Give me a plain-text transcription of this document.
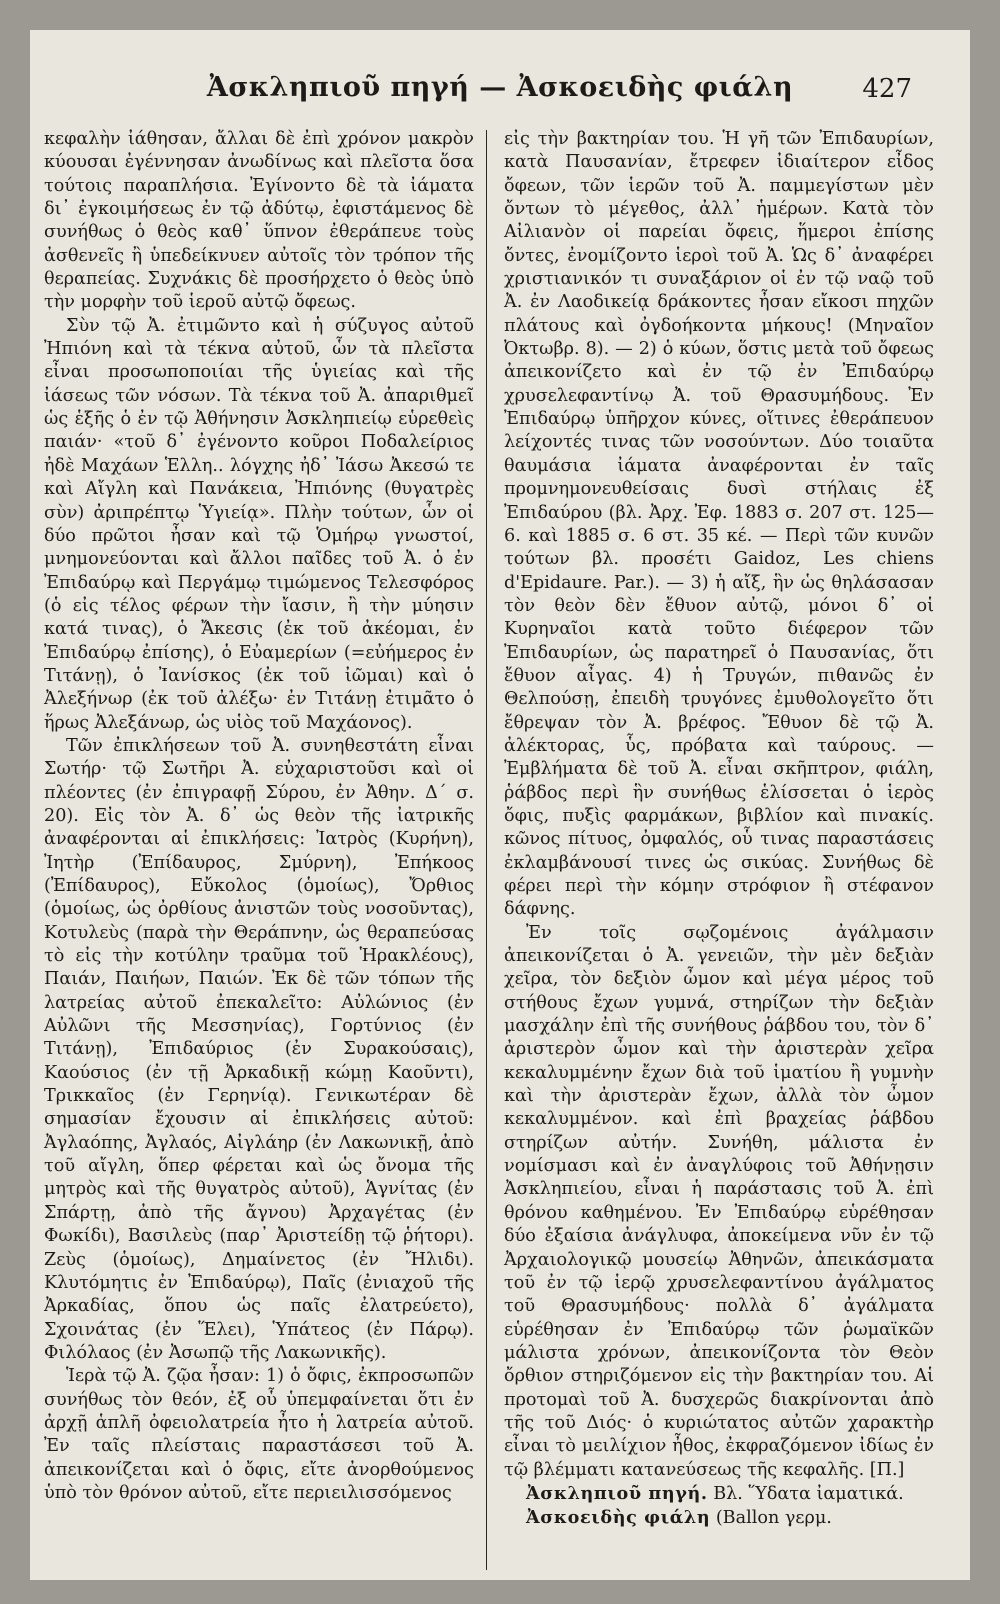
Ἀσκληπιοῦ πηγή — Ἀσκοειδὴς φιάλη	427

κεφαλὴν ἰάθησαν, ἄλλαι δὲ ἐπὶ χρόνον μακρὸν κύουσαι ἐγέννησαν ἀνωδίνως καὶ πλεῖστα ὅσα τούτοις παραπλήσια. Ἐγίνοντο δὲ τὰ ἰάματα δι᾽ ἐγκοιμήσεως ἐν τῷ ἀδύτῳ, ἐφιστάμενος δὲ συνήθως ὁ θεὸς καθ᾽ ὕπνον ἐθεράπευε τοὺς ἀσθενεῖς ἢ ὑπεδείκνυεν αὐτοῖς τὸν τρόπον τῆς θεραπείας. Συχνάκις δὲ προσήρχετο ὁ θεὸς ὑπὸ τὴν μορφὴν τοῦ ἱεροῦ αὐτῷ ὄφεως.

Σὺν τῷ Ἀ. ἐτιμῶντο καὶ ἡ σύζυγος αὐτοῦ Ἠπιόνη καὶ τὰ τέκνα αὐτοῦ, ὧν τὰ πλεῖστα εἶναι προσωποποιίαι τῆς ὑγιείας καὶ τῆς ἰάσεως τῶν νόσων. Τὰ τέκνα τοῦ Ἀ. ἀπαριθμεῖ ὡς ἑξῆς ὁ ἐν τῷ Ἀθήνησιν Ἀσκληπιείῳ εὑρεθεὶς παιάν· «τοῦ δ᾽ ἐγένοντο κοῦροι Ποδαλείριος ἠδὲ Μαχάων Ἑλλη.. λόγχης ἠδ᾽ Ἰάσω Ἀκεσώ τε καὶ Αἴγλη καὶ Πανάκεια, Ἠπιόνης (θυγατρὲς σὺν) ἀριπρέπτῳ Ὑγιείᾳ». Πλὴν τούτων, ὧν οἱ δύο πρῶτοι ἦσαν καὶ τῷ Ὁμήρῳ γνωστοί, μνημονεύονται καὶ ἄλλοι παῖδες τοῦ Ἀ. ὁ ἐν Ἐπιδαύρῳ καὶ Περγάμῳ τιμώμενος Τελεσφόρος (ὁ εἰς τέλος φέρων τὴν ἴασιν, ἢ τὴν μύησιν κατά τινας), ὁ Ἄκεσις (ἐκ τοῦ ἀκέομαι, ἐν Ἐπιδαύρῳ ἐπίσης), ὁ Εὐαμερίων (=εὐήμερος ἐν Τιτάνῃ), ὁ Ἰανίσκος (ἐκ τοῦ ἰῶμαι) καὶ ὁ Ἀλεξήνωρ (ἐκ τοῦ ἀλέξω· ἐν Τιτάνῃ ἐτιμᾶτο ὁ ἥρως Ἀλεξάνωρ, ὡς υἱὸς τοῦ Μαχάονος).

Τῶν ἐπικλήσεων τοῦ Ἀ. συνηθεστάτη εἶναι Σωτήρ· τῷ Σωτῆρι Ἀ. εὐχαριστοῦσι καὶ οἱ πλέοντες (ἐν ἐπιγραφῇ Σύρου, ἐν Ἀθην. Δ΄ σ. 20). Εἰς τὸν Ἀ. δ᾽ ὡς θεὸν τῆς ἰατρικῆς ἀναφέρονται αἱ ἐπικλήσεις: Ἰατρὸς (Κυρήνη), Ἰητὴρ (Ἐπίδαυρος, Σμύρνη), Ἐπήκοος (Ἐπίδαυρος), Εὔκολος (ὁμοίως), Ὄρθιος (ὁμοίως, ὡς ὀρθίους ἀνιστῶν τοὺς νοσοῦντας), Κοτυλεὺς (παρὰ τὴν Θεράπνην, ὡς θεραπεύσας τὸ εἰς τὴν κοτύλην τραῦμα τοῦ Ἡρακλέους), Παιάν, Παιήων, Παιών. Ἐκ δὲ τῶν τόπων τῆς λατρείας αὐτοῦ ἐπεκαλεῖτο: Αὐλώνιος (ἐν Αὐλῶνι τῆς Μεσσηνίας), Γορτύνιος (ἐν Τιτάνῃ), Ἐπιδαύριος (ἐν Συρακούσαις), Καούσιος (ἐν τῇ Ἀρκαδικῇ κώμῃ Καοῦντι), Τρικκαῖος (ἐν Γερηνίᾳ). Γενικωτέραν δὲ σημασίαν ἔχουσιν αἱ ἐπικλήσεις αὐτοῦ: Ἀγλαόπης, Ἀγλαός, Αἰγλάηρ (ἐν Λακωνικῇ, ἀπὸ τοῦ αἴγλη, ὅπερ φέρεται καὶ ὡς ὄνομα τῆς μητρὸς καὶ τῆς θυγατρὸς αὐτοῦ), Ἁγνίτας (ἐν Σπάρτῃ, ἀπὸ τῆς ἄγνου) Ἀρχαγέτας (ἐν Φωκίδι), Βασιλεὺς (παρ᾽ Ἀριστείδῃ τῷ ῥήτορι). Ζεὺς (ὁμοίως), Δημαίνετος (ἐν Ἤλιδι). Κλυτόμητις ἐν Ἐπιδαύρῳ), Παῖς (ἐνιαχοῦ τῆς Ἀρκαδίας, ὅπου ὡς παῖς ἐλατρεύετο), Σχοινάτας (ἐν Ἕλει), Ὑπάτεος (ἐν Πάρῳ). Φιλόλαος (ἐν Ἀσωπῷ τῆς Λακωνικῆς).

Ἱερὰ τῷ Ἀ. ζῷα ἦσαν: 1) ὁ ὄφις, ἐκπροσωπῶν συνήθως τὸν θεόν, ἐξ οὗ ὑπεμφαίνεται ὅτι ἐν ἀρχῇ ἁπλῆ ὀφειολατρεία ἦτο ἡ λατρεία αὐτοῦ. Ἐν ταῖς πλείσταις παραστάσεσι τοῦ Ἀ. ἀπεικονίζεται καὶ ὁ ὄφις, εἴτε ἀνορθούμενος ὑπὸ τὸν θρόνον αὐτοῦ, εἴτε περιειλισσόμενος

εἰς τὴν βακτηρίαν του. Ἡ γῆ τῶν Ἐπιδαυρίων, κατὰ Παυσανίαν, ἔτρεφεν ἰδιαίτερον εἶδος ὄφεων, τῶν ἱερῶν τοῦ Ἀ. παμμεγίστων μὲν ὄντων τὸ μέγεθος, ἀλλ᾽ ἡμέρων. Κατὰ τὸν Αἰλιανὸν οἱ παρείαι ὄφεις, ἥμεροι ἐπίσης ὄντες, ἐνομίζοντο ἱεροὶ τοῦ Ἀ. Ὡς δ᾽ ἀναφέρει χριστιανικόν τι συναξάριον οἱ ἐν τῷ ναῷ τοῦ Ἀ. ἐν Λαοδικείᾳ δράκοντες ἦσαν εἴκοσι πηχῶν πλάτους καὶ ὀγδοήκοντα μήκους! (Μηναῖον Ὀκτωβρ. 8). — 2) ὁ κύων, ὅστις μετὰ τοῦ ὄφεως ἀπεικονίζετο καὶ ἐν τῷ ἐν Ἐπιδαύρῳ χρυσελεφαντίνῳ Ἀ. τοῦ Θρασυμήδους. Ἐν Ἐπιδαύρῳ ὑπῆρχον κύνες, οἵτινες ἐθεράπευον λείχοντές τινας τῶν νοσούντων. Δύο τοιαῦτα θαυμάσια ἰάματα ἀναφέρονται ἐν ταῖς προμνημονευθείσαις δυσὶ στήλαις ἐξ Ἐπιδαύρου (βλ. Ἀρχ. Ἐφ. 1883 σ. 207 στ. 125—6. καὶ 1885 σ. 6 στ. 35 κέ. — Περὶ τῶν κυνῶν τούτων βλ. προσέτι Gaidoz, Les chiens d'Epidaure. Par.). — 3) ἡ αἴξ, ἣν ὡς θηλάσασαν τὸν θεὸν δὲν ἔθυον αὐτῷ, μόνοι δ᾽ οἱ Κυρηναῖοι κατὰ τοῦτο διέφερον τῶν Ἐπιδαυρίων, ὡς παρατηρεῖ ὁ Παυσανίας, ὅτι ἔθυον αἶγας. 4) ἡ Τρυγών, πιθανῶς ἐν Θελπούσῃ, ἐπειδὴ τρυγόνες ἐμυθολογεῖτο ὅτι ἔθρεψαν τὸν Ἀ. βρέφος. Ἔθυον δὲ τῷ Ἀ. ἀλέκτορας, ὗς, πρόβατα καὶ ταύρους. — Ἐμβλήματα δὲ τοῦ Ἀ. εἶναι σκῆπτρον, φιάλη, ῥάβδος περὶ ἣν συνήθως ἑλίσσεται ὁ ἱερὸς ὄφις, πυξὶς φαρμάκων, βιβλίον καὶ πινακίς. κῶνος πίτυος, ὀμφαλός, οὗ τινας παραστάσεις ἐκλαμβάνουσί τινες ὡς σικύας. Συνήθως δὲ φέρει περὶ τὴν κόμην στρόφιον ἢ στέφανον δάφνης.

Ἐν τοῖς σῳζομένοις ἀγάλμασιν ἀπεικονίζεται ὁ Ἀ. γενειῶν, τὴν μὲν δεξιὰν χεῖρα, τὸν δεξιὸν ὦμον καὶ μέγα μέρος τοῦ στήθους ἔχων γυμνά, στηρίζων τὴν δεξιὰν μασχάλην ἐπὶ τῆς συνήθους ῥάβδου του, τὸν δ᾽ ἀριστερὸν ὦμον καὶ τὴν ἀριστερὰν χεῖρα κεκαλυμμένην ἔχων διὰ τοῦ ἱματίου ἢ γυμνὴν καὶ τὴν ἀριστερὰν ἔχων, ἀλλὰ τὸν ὦμον κεκαλυμμένον. καὶ ἐπὶ βραχείας ῥάβδου στηρίζων αὐτήν. Συνήθη, μάλιστα ἐν νομίσμασι καὶ ἐν ἀναγλύφοις τοῦ Ἀθήνῃσιν Ἀσκληπιείου, εἶναι ἡ παράστασις τοῦ Ἀ. ἐπὶ θρόνου καθημένου. Ἐν Ἐπιδαύρῳ εὑρέθησαν δύο ἐξαίσια ἀνάγλυφα, ἀποκείμενα νῦν ἐν τῷ Ἀρχαιολογικῷ μουσείῳ Ἀθηνῶν, ἀπεικάσματα τοῦ ἐν τῷ ἱερῷ χρυσελεφαντίνου ἀγάλματος τοῦ Θρασυμήδους· πολλὰ δ᾽ ἀγάλματα εὑρέθησαν ἐν Ἐπιδαύρῳ τῶν ῥωμαϊκῶν μάλιστα χρόνων, ἀπεικονίζοντα τὸν Θεὸν ὄρθιον στηριζόμενον εἰς τὴν βακτηρίαν του. Αἱ προτομαὶ τοῦ Ἀ. δυσχερῶς διακρίνονται ἀπὸ τῆς τοῦ Διός· ὁ κυριώτατος αὐτῶν χαρακτὴρ εἶναι τὸ μειλίχιον ἦθος, ἐκφραζόμενον ἰδίως ἐν τῷ βλέμματι κατανεύσεως τῆς κεφαλῆς. [Π.]

Ἀσκληπιοῦ πηγή. Βλ. Ὕδατα ἰαματικά.

Ἀσκοειδὴς φιάλη (Ballon γερμ.
